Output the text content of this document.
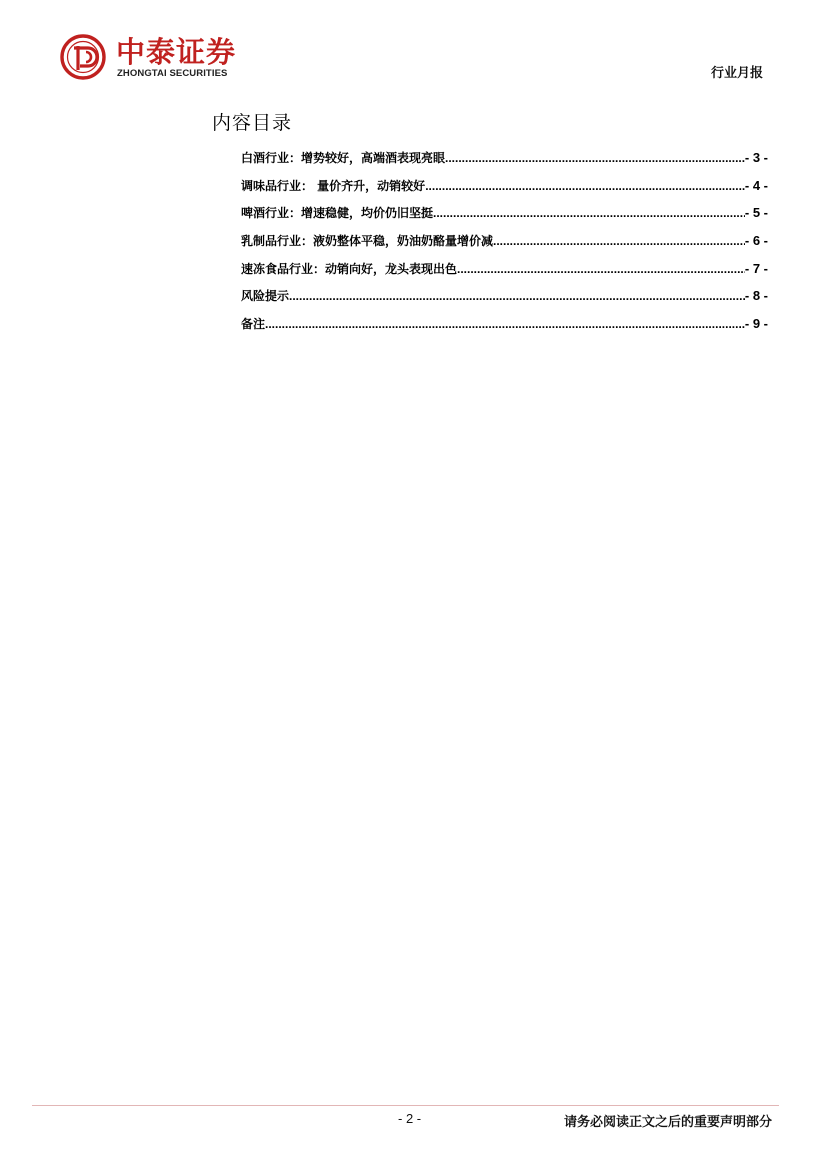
中泰证券
ZHONGTAI SECURITIES	行业月报
内容目录
白酒行业：增势较好，高端酒表现亮眼 .....	- 3 -
调味品行业： 量价齐升，动销较好 .....	- 4 -
啤酒行业：增速稳健，均价仍旧坚挺 .....	- 5 -
乳制品行业：液奶整体平稳，奶油奶酪量增价减 .....	- 6 -
速冻食品行业：动销向好，龙头表现出色 .....	- 7 -
风险提示 .....	- 8 -
备注 .....	- 9 -
- 2 -	请务必阅读正文之后的重要声明部分
